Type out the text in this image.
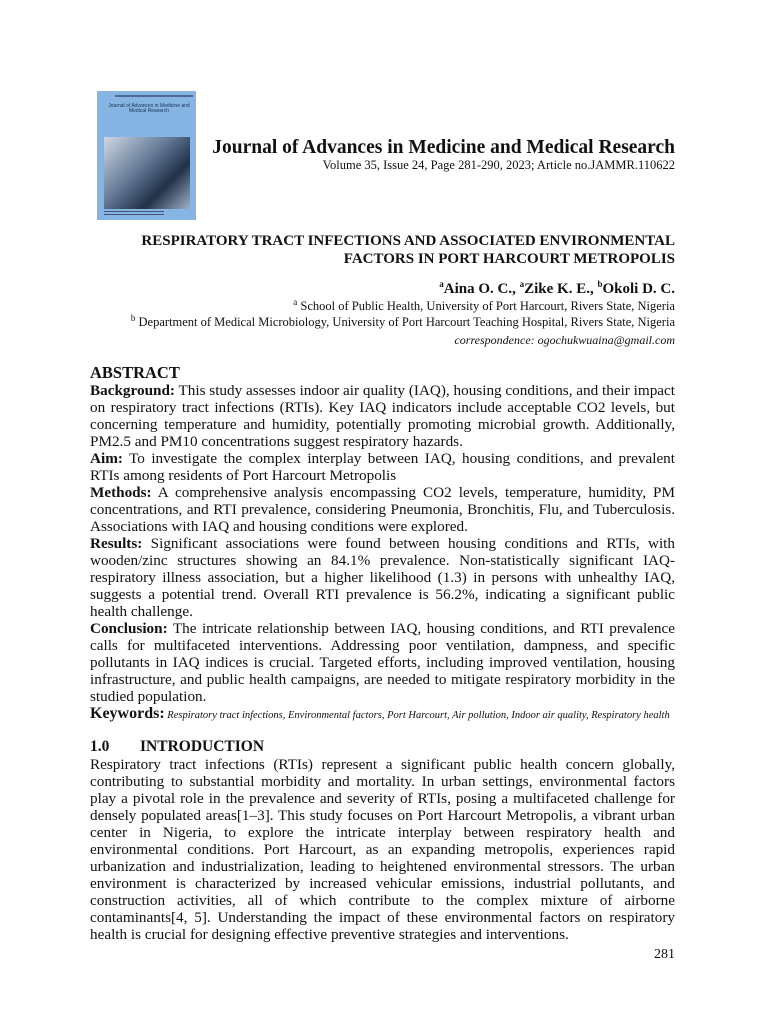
Journal of Advances in Medicine and Medical Research
Journal of Advances in Medicine and Medical Research
Volume 35, Issue 24, Page 281-290, 2023; Article no.JAMMR.110622
RESPIRATORY TRACT INFECTIONS AND ASSOCIATED ENVIRONMENTAL FACTORS IN PORT HARCOURT METROPOLIS
$^a$Aina O. C., $^a$Zike K. E., $^b$Okoli D. C.
$^a$ School of Public Health, University of Port Harcourt, Rivers State, Nigeria
$^b$ Department of Medical Microbiology, University of Port Harcourt Teaching Hospital, Rivers State, Nigeria
correspondence: ogochukwuaina@gmail.com
ABSTRACT

Background: This study assesses indoor air quality (IAQ), housing conditions, and their impact on respiratory tract infections (RTIs). Key IAQ indicators include acceptable CO2 levels, but concerning temperature and humidity, potentially promoting microbial growth. Additionally, PM2.5 and PM10 concentrations suggest respiratory hazards.

Aim: To investigate the complex interplay between IAQ, housing conditions, and prevalent RTIs among residents of Port Harcourt Metropolis

Methods: A comprehensive analysis encompassing CO2 levels, temperature, humidity, PM concentrations, and RTI prevalence, considering Pneumonia, Bronchitis, Flu, and Tuberculosis. Associations with IAQ and housing conditions were explored.

Results: Significant associations were found between housing conditions and RTIs, with wooden/zinc structures showing an 84.1% prevalence. Non-statistically significant IAQ-respiratory illness association, but a higher likelihood (1.3) in persons with unhealthy IAQ, suggests a potential trend. Overall RTI prevalence is 56.2%, indicating a significant public health challenge.

Conclusion: The intricate relationship between IAQ, housing conditions, and RTI prevalence calls for multifaceted interventions. Addressing poor ventilation, dampness, and specific pollutants in IAQ indices is crucial. Targeted efforts, including improved ventilation, housing infrastructure, and public health campaigns, are needed to mitigate respiratory morbidity in the studied population.

Keywords: Respiratory tract infections, Environmental factors, Port Harcourt, Air pollution, Indoor air quality, Respiratory health

1.0 INTRODUCTION

Respiratory tract infections (RTIs) represent a significant public health concern globally, contributing to substantial morbidity and mortality. In urban settings, environmental factors play a pivotal role in the prevalence and severity of RTIs, posing a multifaceted challenge for densely populated areas[1–3]. This study focuses on Port Harcourt Metropolis, a vibrant urban center in Nigeria, to explore the intricate interplay between respiratory health and environmental conditions. Port Harcourt, as an expanding metropolis, experiences rapid urbanization and industrialization, leading to heightened environmental stressors. The urban environment is characterized by increased vehicular emissions, industrial pollutants, and construction activities, all of which contribute to the complex mixture of airborne contaminants[4, 5]. Understanding the impact of these environmental factors on respiratory health is crucial for designing effective preventive strategies and interventions.

281
